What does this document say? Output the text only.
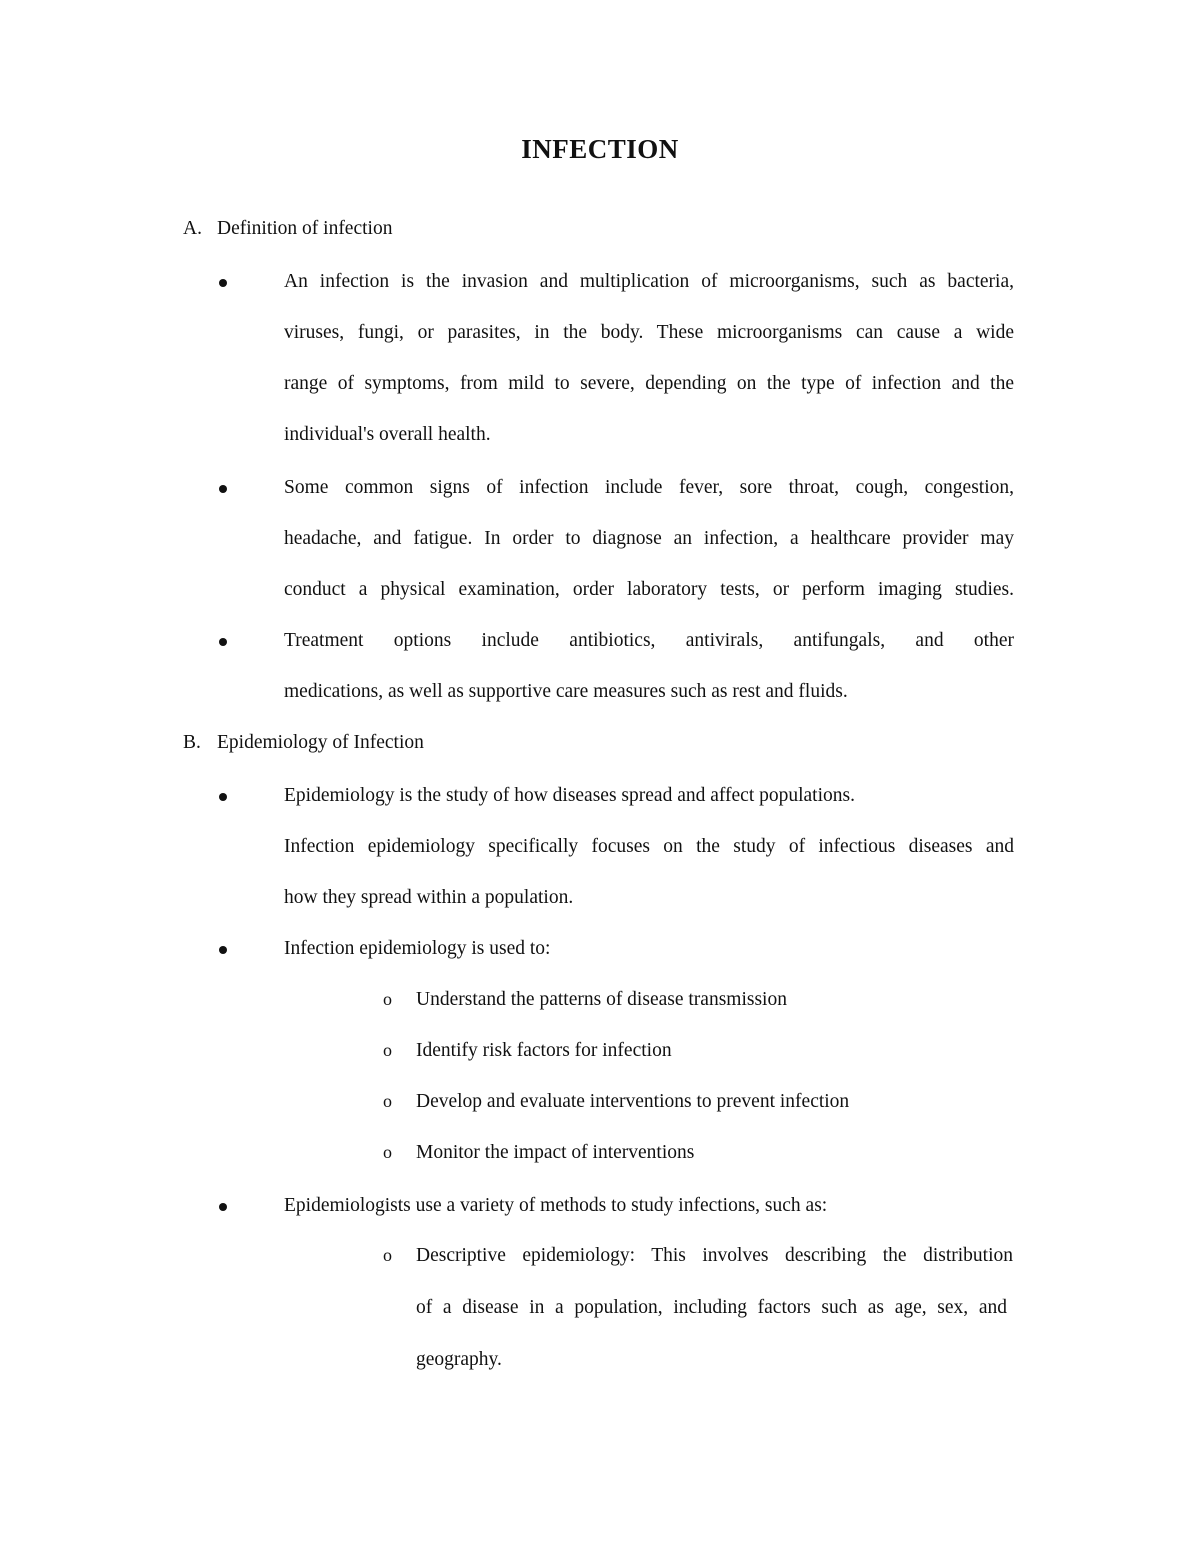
INFECTION
A. Definition of infection
An infection is the invasion and multiplication of microorganisms, such as bacteria,
viruses, fungi, or parasites, in the body. These microorganisms can cause a wide
range of symptoms, from mild to severe, depending on the type of infection and the
individual's overall health.
Some common signs of infection include fever, sore throat, cough, congestion,
headache, and fatigue. In order to diagnose an infection, a healthcare provider may
conduct a physical examination, order laboratory tests, or perform imaging studies.
Treatment options include antibiotics, antivirals, antifungals, and other
medications, as well as supportive care measures such as rest and fluids.
B. Epidemiology of Infection
Epidemiology is the study of how diseases spread and affect populations.
Infection epidemiology specifically focuses on the study of infectious diseases and
how they spread within a population.
Infection epidemiology is used to:
o Understand the patterns of disease transmission
o Identify risk factors for infection
o Develop and evaluate interventions to prevent infection
o Monitor the impact of interventions
Epidemiologists use a variety of methods to study infections, such as:
o Descriptive epidemiology: This involves describing the distribution
of a disease in a population, including factors such as age, sex, and
geography.
